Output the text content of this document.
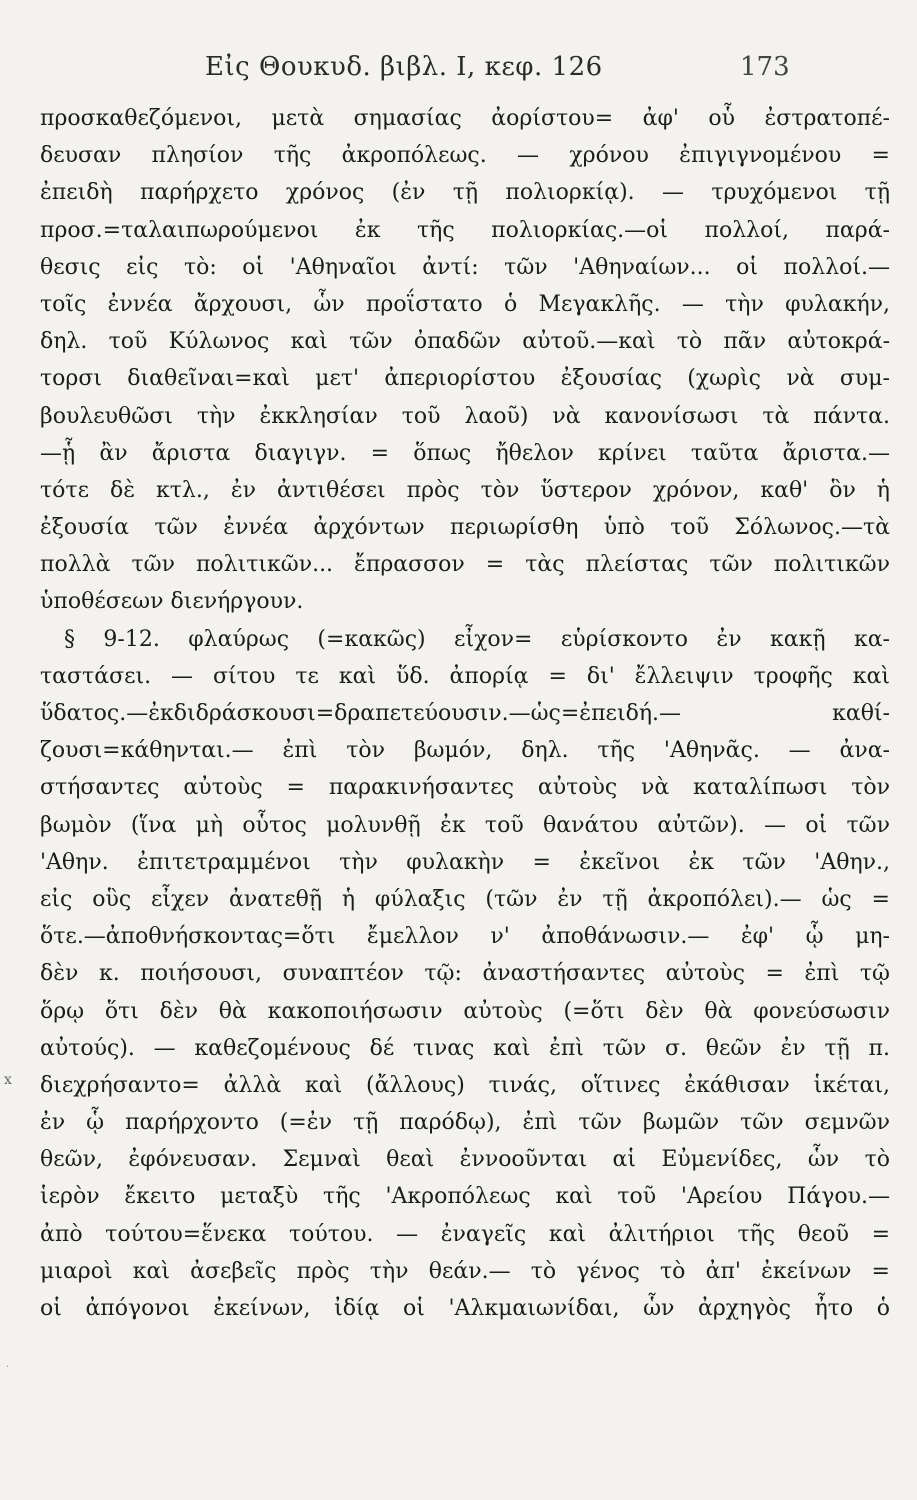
Εἰς Θουκυδ. βιβλ. Ι, κεφ. 126	173
προσκαθεζόμενοι, μετὰ σημασίας ἀορίστου= ἀφ' οὗ ἐστρατοπέ-
δευσαν πλησίον τῆς ἀκροπόλεως. — χρόνου ἐπιγιγνομένου =
ἐπειδὴ παρήρχετο χρόνος (ἐν τῇ πολιορκίᾳ). — τρυχόμενοι τῇ
προσ.=ταλαιπωρούμενοι ἐκ τῆς πολιορκίας.—οἱ πολλοί, παρά-
θεσις εἰς τὸ: οἱ 'Αθηναῖοι ἀντί: τῶν 'Αθηναίων... οἱ πολλοί.—
τοῖς ἐννέα ἄρχουσι, ὧν προΐστατο ὁ Μεγακλῆς. — τὴν φυλακήν,
δηλ. τοῦ Κύλωνος καὶ τῶν ὀπαδῶν αὐτοῦ.—καὶ τὸ πᾶν αὐτοκρά-
τορσι διαθεῖναι=καὶ μετ' ἀπεριορίστου ἐξουσίας (χωρὶς νὰ συμ-
βουλευθῶσι τὴν ἐκκλησίαν τοῦ λαοῦ) νὰ κανονίσωσι τὰ πάντα.
—ᾗ ἂν ἄριστα διαγιγν. = ὅπως ἤθελον κρίνει ταῦτα ἄριστα.—
τότε δὲ κτλ., ἐν ἀντιθέσει πρὸς τὸν ὕστερον χρόνον, καθ' ὃν ἡ
ἐξουσία τῶν ἐννέα ἀρχόντων περιωρίσθη ὑπὸ τοῦ Σόλωνος.—τὰ
πολλὰ τῶν πολιτικῶν... ἔπρασσον = τὰς πλείστας τῶν πολιτικῶν
ὑποθέσεων διενήργουν.
§ 9-12. φλαύρως (=κακῶς) εἶχον= εὑρίσκοντο ἐν κακῇ κα-
ταστάσει. — σίτου τε καὶ ὕδ. ἀπορίᾳ = δι' ἔλλειψιν τροφῆς καὶ
ὕδατος.—ἐκδιδράσκουσι=δραπετεύουσιν.—ὡς=ἐπειδή.— καθί-
ζουσι=κάθηνται.— ἐπὶ τὸν βωμόν, δηλ. τῆς 'Αθηνᾶς. — ἀνα-
στήσαντες αὐτοὺς = παρακινήσαντες αὐτοὺς νὰ καταλίπωσι τὸν
βωμὸν (ἵνα μὴ οὗτος μολυνθῇ ἐκ τοῦ θανάτου αὐτῶν). — οἱ τῶν
'Αθην. ἐπιτετραμμένοι τὴν φυλακὴν = ἐκεῖνοι ἐκ τῶν 'Αθην.,
εἰς οὓς εἶχεν ἀνατεθῇ ἡ φύλαξις (τῶν ἐν τῇ ἀκροπόλει).— ὡς =
ὅτε.—ἀποθνήσκοντας=ὅτι ἔμελλον ν' ἀποθάνωσιν.— ἐφ' ᾧ μη-
δὲν κ. ποιήσουσι, συναπτέον τῷ: ἀναστήσαντες αὐτοὺς = ἐπὶ τῷ
ὅρῳ ὅτι δὲν θὰ κακοποιήσωσιν αὐτοὺς (=ὅτι δὲν θὰ φονεύσωσιν
αὐτούς). — καθεζομένους δέ τινας καὶ ἐπὶ τῶν σ. θεῶν ἐν τῇ π.
διεχρήσαντο= ἀλλὰ καὶ (ἄλλους) τινάς, οἵτινες ἐκάθισαν ἱκέται,
ἐν ᾧ παρήρχοντο (=ἐν τῇ παρόδῳ), ἐπὶ τῶν βωμῶν τῶν σεμνῶν
θεῶν, ἐφόνευσαν. Σεμναὶ θεαὶ ἐννοοῦνται αἱ Εὐμενίδες, ὧν τὸ
ἱερὸν ἔκειτο μεταξὺ τῆς 'Ακροπόλεως καὶ τοῦ 'Αρείου Πάγου.—
ἀπὸ τούτου=ἕνεκα τούτου. — ἐναγεῖς καὶ ἀλιτήριοι τῆς θεοῦ =
μιαροὶ καὶ ἀσεβεῖς πρὸς τὴν θεάν.— τὸ γένος τὸ ἀπ' ἐκείνων =
οἱ ἀπόγονοι ἐκείνων, ἰδίᾳ οἱ 'Αλκμαιωνίδαι, ὧν ἀρχηγὸς ἦτο ὁ
x
·
